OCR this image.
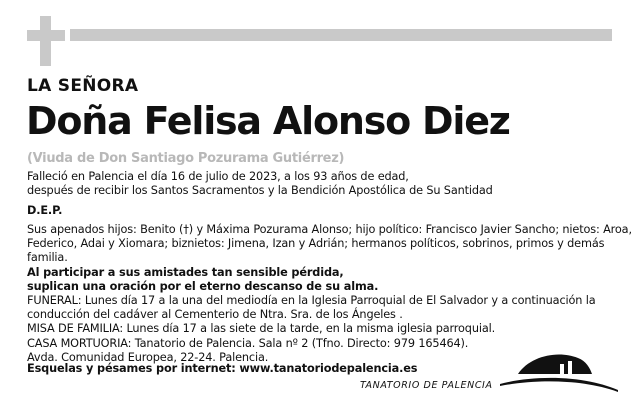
LA SEÑORA
Doña Felisa Alonso Diez
(Viuda de Don Santiago Pozurama Gutiérrez)
Falleció en Palencia el día 16 de julio de 2023, a los 93 años de edad,
después de recibir los Santos Sacramentos y la Bendición Apostólica de Su Santidad
D.E.P.
Sus apenados hijos: Benito (†) y Máxima Pozurama Alonso; hijo político: Francisco Javier Sancho; nietos: Aroa,
Federico, Adai y Xiomara; biznietos: Jimena, Izan y Adrián; hermanos políticos, sobrinos, primos y demás
familia.
Al participar a sus amistades tan sensible pérdida,
suplican una oración por el eterno descanso de su alma.
FUNERAL: Lunes día 17 a la una del mediodía en la Iglesia Parroquial de El Salvador y a continuación la
conducción del cadáver al Cementerio de Ntra. Sra. de los Ángeles .
MISA DE FAMILIA: Lunes día 17 a las siete de la tarde, en la misma iglesia parroquial.
CASA MORTUORIA: Tanatorio de Palencia. Sala nº 2 (Tfno. Directo: 979 165464).
Avda. Comunidad Europea, 22-24. Palencia.
Esquelas y pésames por internet: www.tanatoriodepalencia.es
TANATORIO DE PALENCIA
